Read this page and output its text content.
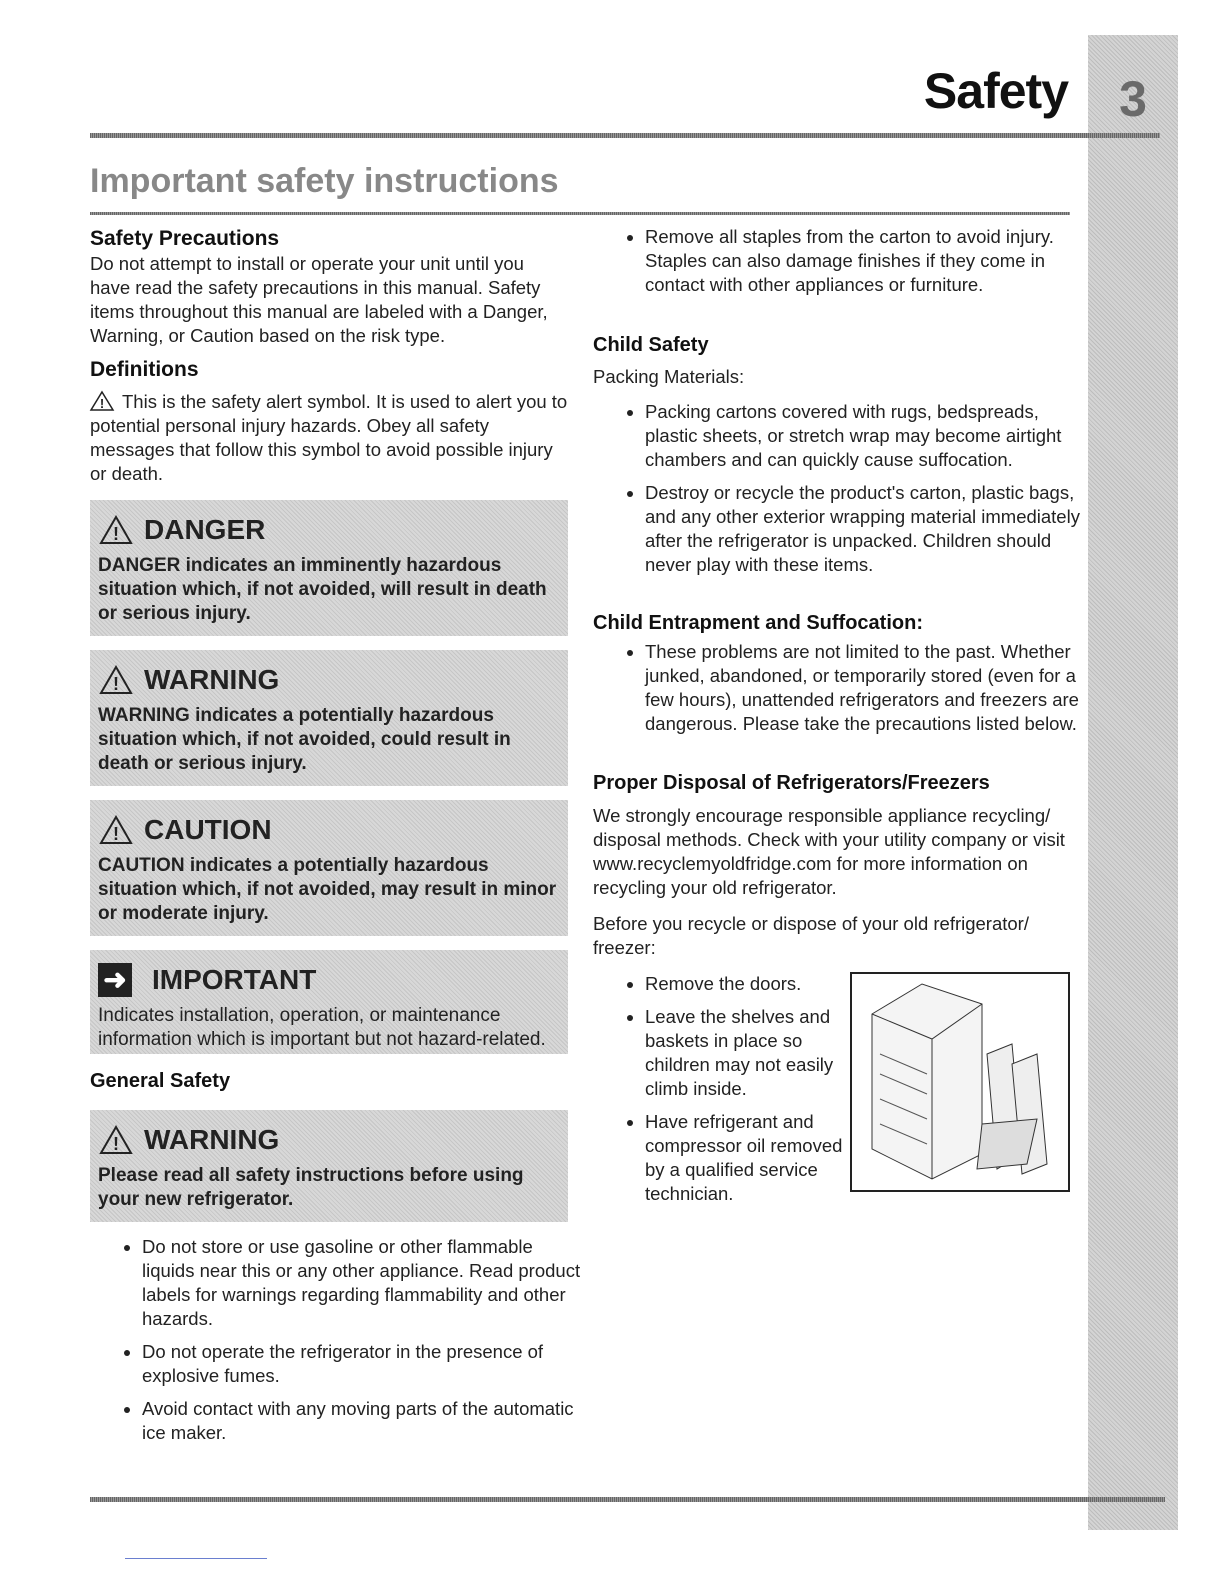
3
Safety
Important safety instructions
Safety Precautions
Do not attempt to install or operate your unit until you have read the safety precautions in this manual. Safety items throughout this manual are labeled with a Danger, Warning, or Caution based on the risk type.
Definitions
This is the safety alert symbol. It is used to alert you to potential personal injury hazards. Obey all safety messages that follow this symbol to avoid possible injury or death.
!
! DANGER
DANGER indicates an imminently hazardous situation which, if not avoided, will result in death or serious injury.
! WARNING
WARNING indicates a potentially hazardous situation which, if not avoided, could result in death or serious injury.
! CAUTION
CAUTION indicates a potentially hazardous situation which, if not avoided, may result in minor or moderate injury.
➜ IMPORTANT
Indicates installation, operation, or maintenance information which is important but not hazard-related.
General Safety
! WARNING
Please read all safety instructions before using your new refrigerator.
• Do not store or use gasoline or other flammable liquids near this or any other appliance. Read product labels for warnings regarding flammability and other hazards.
• Do not operate the refrigerator in the presence of explosive fumes.
• Avoid contact with any moving parts of the automatic ice maker.
• Remove all staples from the carton to avoid injury. Staples can also damage finishes if they come in contact with other appliances or furniture.
Child Safety
Packing Materials:
• Packing cartons covered with rugs, bedspreads, plastic sheets, or stretch wrap may become airtight chambers and can quickly cause suffocation.
• Destroy or recycle the product's carton, plastic bags, and any other exterior wrapping material immediately after the refrigerator is unpacked. Children should never play with these items.
Child Entrapment and Suffocation:
• These problems are not limited to the past. Whether junked, abandoned, or temporarily stored (even for a few hours), unattended refrigerators and freezers are dangerous. Please take the precautions listed below.
Proper Disposal of Refrigerators/Freezers
We strongly encourage responsible appliance recycling/ disposal methods. Check with your utility company or visit www.recyclemyoldfridge.com for more information on recycling your old refrigerator.
Before you recycle or dispose of your old refrigerator/ freezer:
• Remove the doors.
• Leave the shelves and baskets in place so children may not easily climb inside.
• Have refrigerant and compressor oil removed by a qualified service technician.
